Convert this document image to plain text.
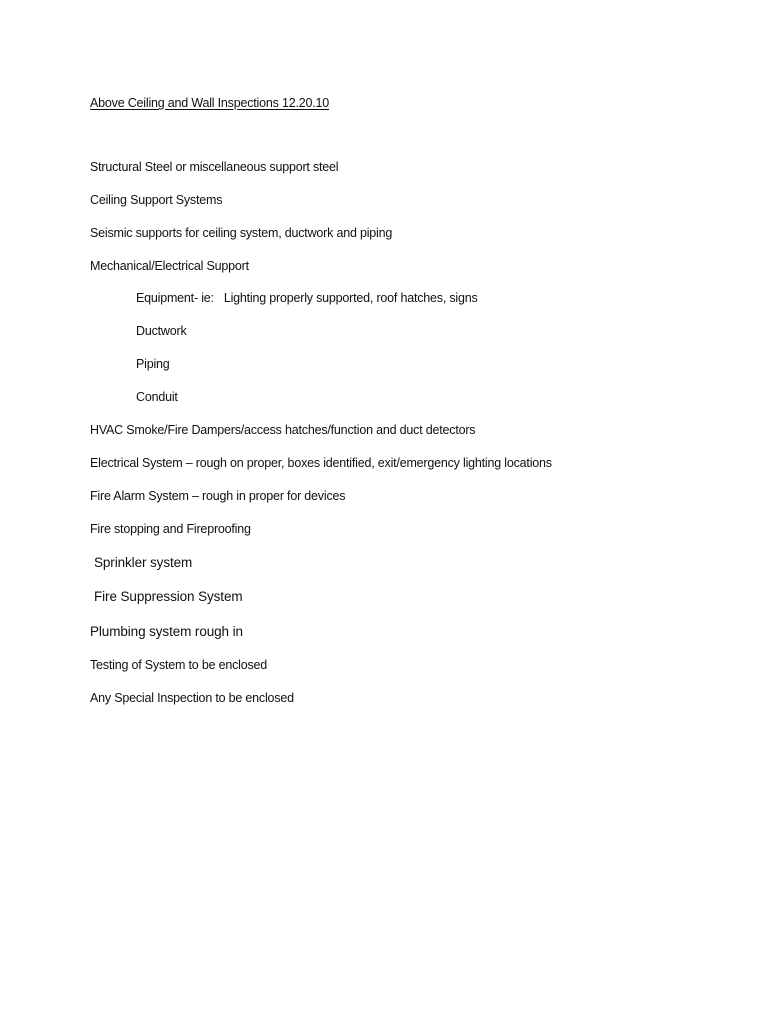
Above Ceiling and Wall Inspections 12.20.10
Structural Steel or miscellaneous support steel
Ceiling Support Systems
Seismic supports for ceiling system, ductwork and piping
Mechanical/Electrical Support
Equipment- ie: Lighting properly supported, roof hatches, signs
Ductwork
Piping
Conduit
HVAC Smoke/Fire Dampers/access hatches/function and duct detectors
Electrical System – rough on proper, boxes identified, exit/emergency lighting locations
Fire Alarm System – rough in proper for devices
Fire stopping and Fireproofing
Sprinkler system
Fire Suppression System
Plumbing system rough in
Testing of System to be enclosed
Any Special Inspection to be enclosed
